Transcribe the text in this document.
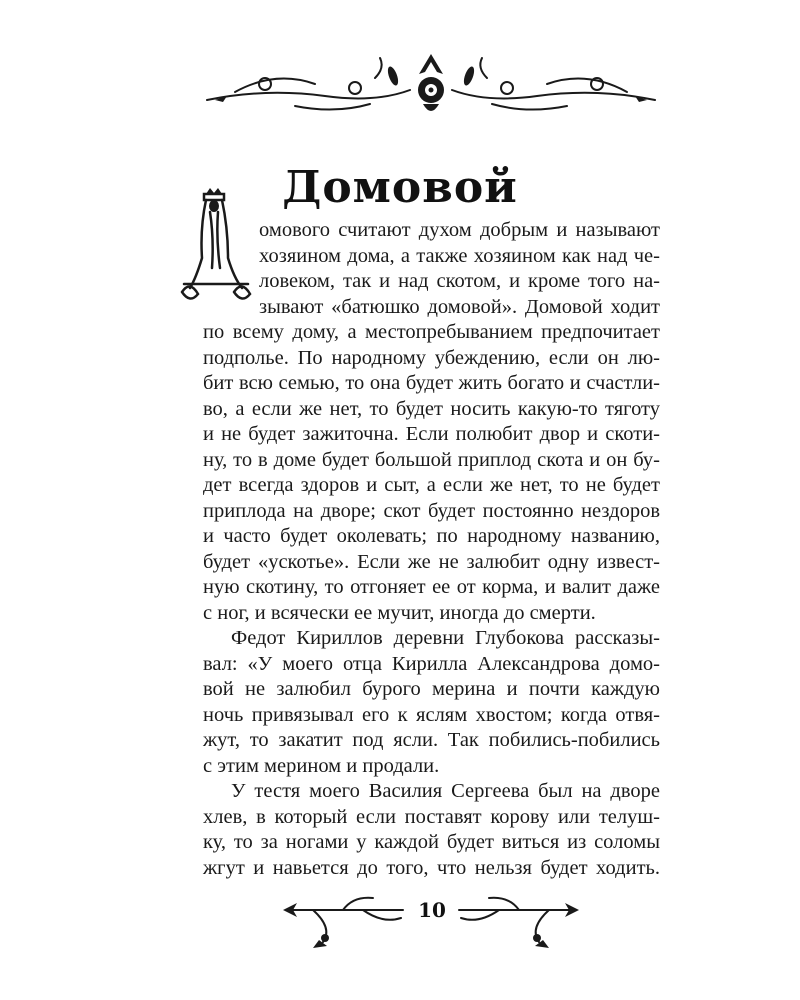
Домовой
омового считают духом добрым и называют
хозяином дома, а также хозяином как над че-
ловеком, так и над скотом, и кроме того на-
зывают «батюшко домовой». Домовой ходит
по всему дому, а местопребыванием предпочитает
подполье. По народному убеждению, если он лю-
бит всю семью, то она будет жить богато и счастли-
во, а если же нет, то будет носить какую-то тяготу
и не будет зажиточна. Если полюбит двор и скоти-
ну, то в доме будет большой приплод скота и он бу-
дет всегда здоров и сыт, а если же нет, то не будет
приплода на дворе; скот будет постоянно нездоров
и часто будет околевать; по народному названию,
будет «ускотье». Если же не залюбит одну извест-
ную скотину, то отгоняет ее от корма, и валит даже
с ног, и всячески ее мучит, иногда до смерти.
Федот Кириллов деревни Глубокова рассказы-
вал: «У моего отца Кирилла Александрова домо-
вой не залюбил бурого мерина и почти каждую
ночь привязывал его к яслям хвостом; когда отвя-
жут, то закатит под ясли. Так побились-побились
с этим мерином и продали.
У тестя моего Василия Сергеева был на дворе
хлев, в который если поставят корову или телуш-
ку, то за ногами у каждой будет виться из соломы
жгут и навьется до того, что нельзя будет ходить.
10
